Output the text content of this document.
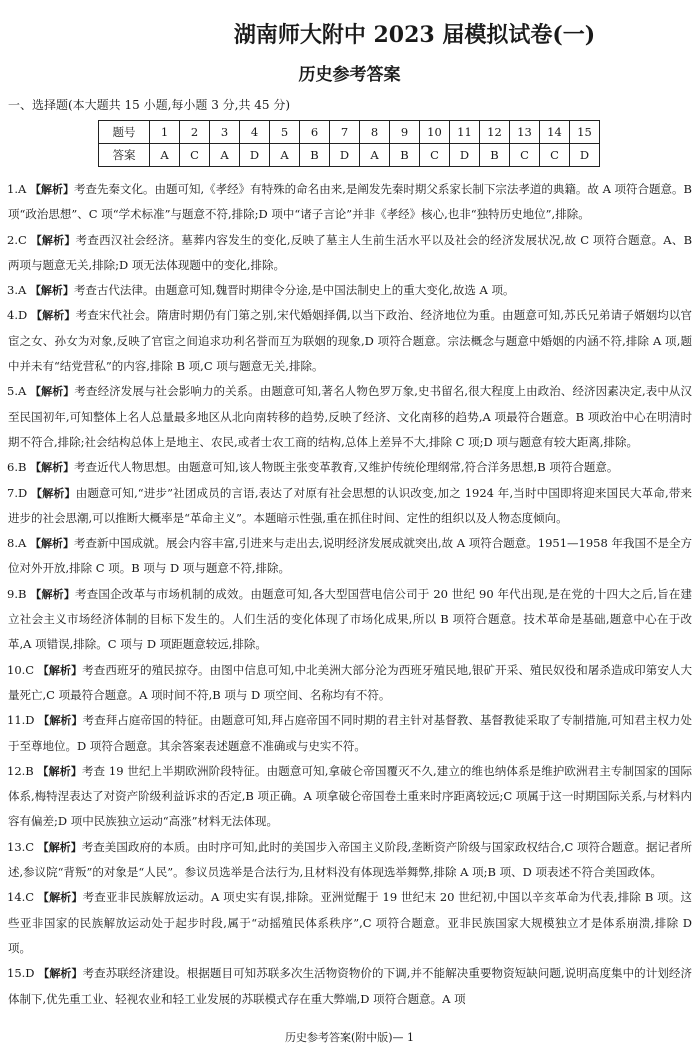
湖南师大附中 2023 届模拟试卷(一)
历史参考答案
一、选择题(本大题共 15 小题,每小题 3 分,共 45 分)
题号	1	2	3	4	5	6	7	8	9	10	11	12	13	14	15
答案	A	C	A	D	A	B	D	A	B	C	D	B	C	C	D
1.A 【解析】考查先秦文化。由题可知,《孝经》有特殊的命名由来,是阐发先秦时期父系家长制下宗法孝道的典籍。故 A 项符合题意。B 项“政治思想”、C 项“学术标准”与题意不符,排除;D 项中“诸子言论”并非《孝经》核心,也非“独特历史地位”,排除。
2.C 【解析】考查西汉社会经济。墓葬内容发生的变化,反映了墓主人生前生活水平以及社会的经济发展状况,故 C 项符合题意。A、B 两项与题意无关,排除;D 项无法体现题中的变化,排除。
3.A 【解析】考查古代法律。由题意可知,魏晋时期律令分途,是中国法制史上的重大变化,故选 A 项。
4.D 【解析】考查宋代社会。隋唐时期仍有门第之别,宋代婚姻择偶,以当下政治、经济地位为重。由题意可知,苏氏兄弟请子婿姻均以官宦之女、孙女为对象,反映了官宦之间追求功利名誉而互为联姻的现象,D 项符合题意。宗法概念与题意中婚姻的内涵不符,排除 A 项,题中并未有“结党营私”的内容,排除 B 项,C 项与题意无关,排除。
5.A 【解析】考查经济发展与社会影响力的关系。由题意可知,著名人物色罗万象,史书留名,很大程度上由政治、经济因素决定,表中从汉至民国初年,可知整体上名人总量最多地区从北向南转移的趋势,反映了经济、文化南移的趋势,A 项最符合题意。B 项政治中心在明清时期不符合,排除;社会结构总体上是地主、农民,或者士农工商的结构,总体上差异不大,排除 C 项;D 项与题意有较大距离,排除。
6.B 【解析】考查近代人物思想。由题意可知,该人物既主张变革教育,又维护传统伦理纲常,符合洋务思想,B 项符合题意。
7.D 【解析】由题意可知,“进步”社团成员的言语,表达了对原有社会思想的认识改变,加之 1924 年,当时中国即将迎来国民大革命,带来进步的社会思潮,可以推断大概率是“革命主义”。本题暗示性强,重在抓住时间、定性的组织以及人物态度倾向。
8.A 【解析】考查新中国成就。展会内容丰富,引进来与走出去,说明经济发展成就突出,故 A 项符合题意。1951—1958 年我国不是全方位对外开放,排除 C 项。B 项与 D 项与题意不符,排除。
9.B 【解析】考查国企改革与市场机制的成效。由题意可知,各大型国营电信公司于 20 世纪 90 年代出现,是在党的十四大之后,旨在建立社会主义市场经济体制的目标下发生的。人们生活的变化体现了市场化成果,所以 B 项符合题意。技术革命是基础,题意中心在于改革,A 项错误,排除。C 项与 D 项距题意较远,排除。
10.C 【解析】考查西班牙的殖民掠夺。由图中信息可知,中北美洲大部分沦为西班牙殖民地,银矿开采、殖民奴役和屠杀造成印第安人大量死亡,C 项最符合题意。A 项时间不符,B 项与 D 项空间、名称均有不符。
11.D 【解析】考查拜占庭帝国的特征。由题意可知,拜占庭帝国不同时期的君主针对基督教、基督教徒采取了专制措施,可知君主权力处于至尊地位。D 项符合题意。其余答案表述题意不准确或与史实不符。
12.B 【解析】考查 19 世纪上半期欧洲阶段特征。由题意可知,拿破仑帝国覆灭不久,建立的维也纳体系是维护欧洲君主专制国家的国际体系,梅特涅表达了对资产阶级利益诉求的否定,B 项正确。A 项拿破仑帝国卷土重来时序距离较远;C 项属于这一时期国际关系,与材料内容有偏差;D 项中民族独立运动“高涨”材料无法体现。
13.C 【解析】考查美国政府的本质。由时序可知,此时的美国步入帝国主义阶段,垄断资产阶级与国家政权结合,C 项符合题意。据记者所述,参议院“背叛”的对象是“人民”。参议员选举是合法行为,且材料没有体现选举舞弊,排除 A 项;B 项、D 项表述不符合美国政体。
14.C 【解析】考查亚非民族解放运动。A 项史实有误,排除。亚洲觉醒于 19 世纪末 20 世纪初,中国以辛亥革命为代表,排除 B 项。这些亚非国家的民族解放运动处于起步时段,属于“动摇殖民体系秩序”,C 项符合题意。亚非民族国家大规模独立才是体系崩溃,排除 D 项。
15.D 【解析】考查苏联经济建设。根据题目可知苏联多次生活物资物价的下调,并不能解决重要物资短缺问题,说明高度集中的计划经济体制下,优先重工业、轻视农业和轻工业发展的苏联模式存在重大弊端,D 项符合题意。A 项
历史参考答案(附中版)— 1
